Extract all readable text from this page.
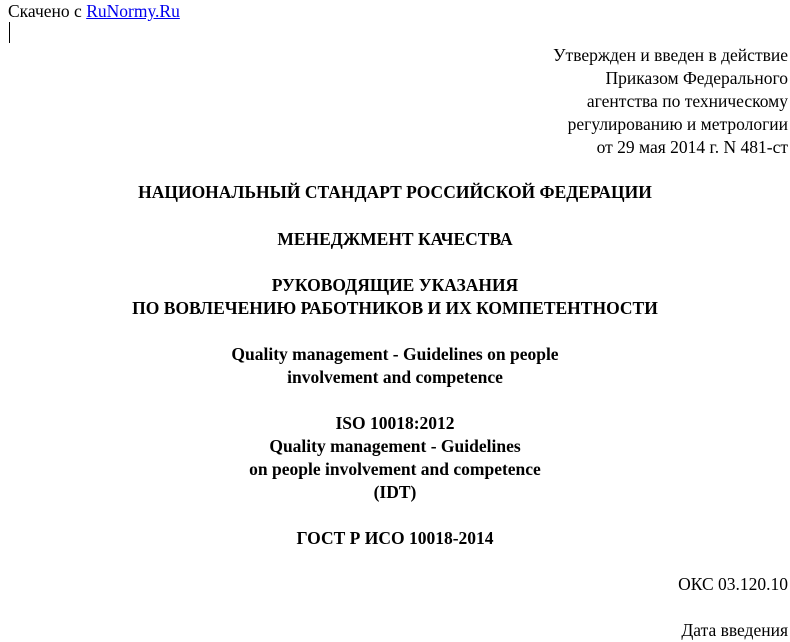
Скачено с RuNormy.Ru
Утвержден и введен в действие
Приказом Федерального
агентства по техническому
регулированию и метрологии
от 29 мая 2014 г. N 481-ст
НАЦИОНАЛЬНЫЙ СТАНДАРТ РОССИЙСКОЙ ФЕДЕРАЦИИ
МЕНЕДЖМЕНТ КАЧЕСТВА
РУКОВОДЯЩИЕ УКАЗАНИЯ
ПО ВОВЛЕЧЕНИЮ РАБОТНИКОВ И ИХ КОМПЕТЕНТНОСТИ
Quality management - Guidelines on people
involvement and competence
ISO 10018:2012
Quality management - Guidelines
on people involvement and competence
(IDT)
ГОСТ Р ИСО 10018-2014
ОКС 03.120.10
Дата введения
